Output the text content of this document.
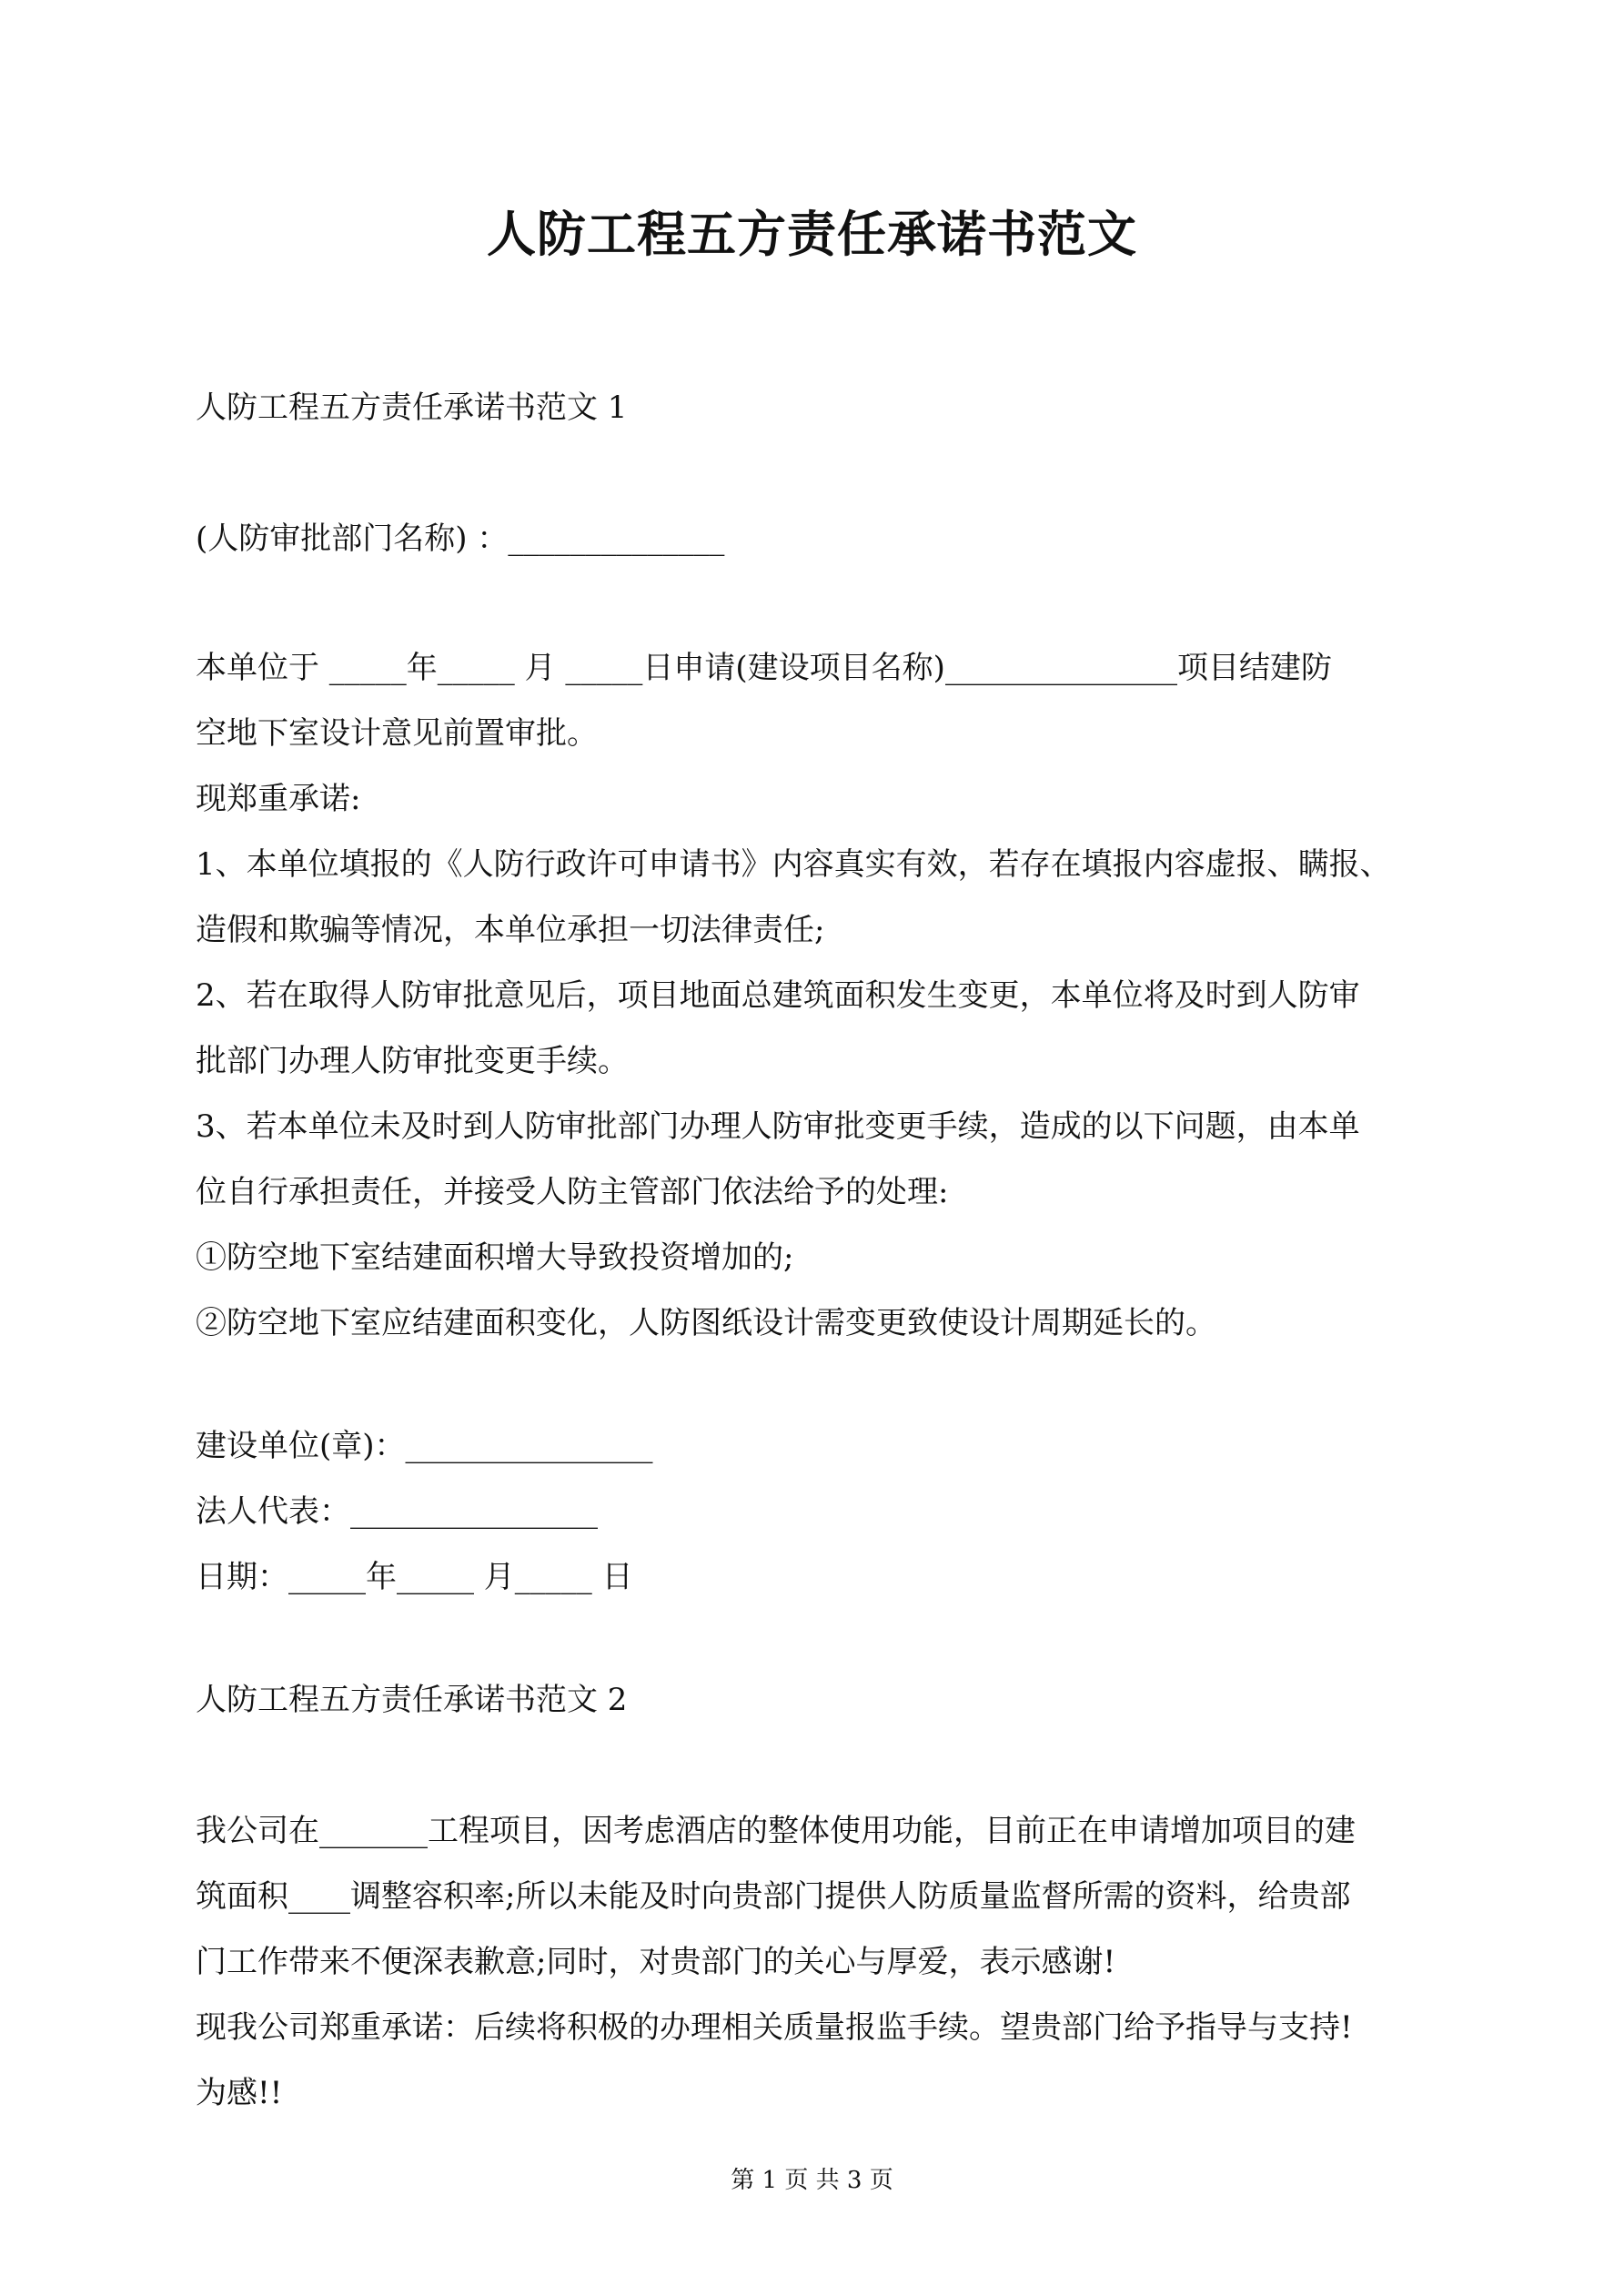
人防工程五方责任承诺书范文
人防工程五方责任承诺书范文 1
(人防审批部门名称) ：______________
本单位于 _____年_____ 月 _____日申请(建设项目名称)_______________项目结建防
空地下室设计意见前置审批。
现郑重承诺:
1、本单位填报的《人防行政许可申请书》内容真实有效，若存在填报内容虚报、瞒报、
造假和欺骗等情况，本单位承担一切法律责任;
2、若在取得人防审批意见后，项目地面总建筑面积发生变更，本单位将及时到人防审
批部门办理人防审批变更手续。
3、若本单位未及时到人防审批部门办理人防审批变更手续，造成的以下问题，由本单
位自行承担责任，并接受人防主管部门依法给予的处理:
①防空地下室结建面积增大导致投资增加的;
②防空地下室应结建面积变化，人防图纸设计需变更致使设计周期延长的。
建设单位(章)：________________
法人代表：________________
日期：_____年_____ 月_____ 日
人防工程五方责任承诺书范文 2
我公司在_______工程项目，因考虑酒店的整体使用功能，目前正在申请增加项目的建
筑面积____调整容积率;所以未能及时向贵部门提供人防质量监督所需的资料，给贵部
门工作带来不便深表歉意;同时，对贵部门的关心与厚爱，表示感谢!
现我公司郑重承诺：后续将积极的办理相关质量报监手续。望贵部门给予指导与支持!
为感!!
第 1 页 共 3 页
